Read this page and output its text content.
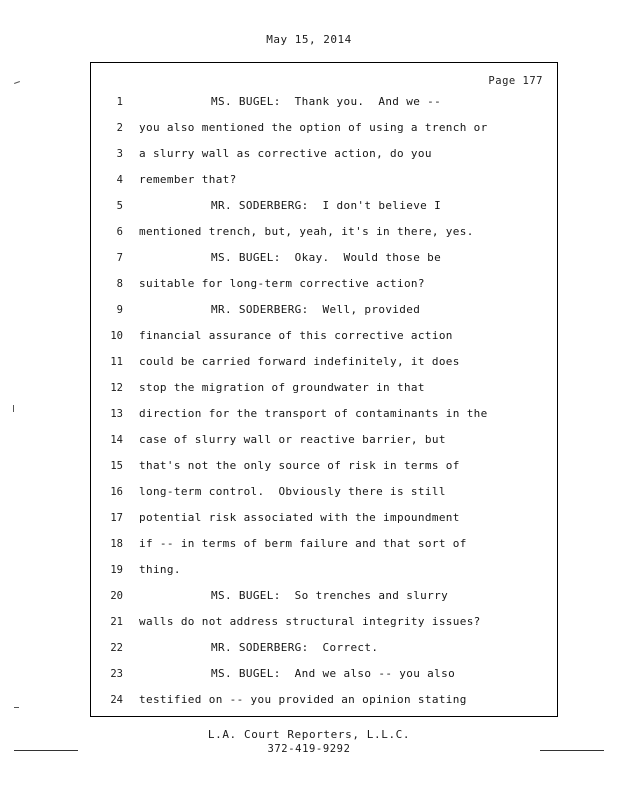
May 15, 2014
Page 177
1	MS. BUGEL:  Thank you.  And we --
2	you also mentioned the option of using a trench or
3	a slurry wall as corrective action, do you
4	remember that?
5	MR. SODERBERG:  I don't believe I
6	mentioned trench, but, yeah, it's in there, yes.
7	MS. BUGEL:  Okay.  Would those be
8	suitable for long-term corrective action?
9	MR. SODERBERG:  Well, provided
10	financial assurance of this corrective action
11	could be carried forward indefinitely, it does
12	stop the migration of groundwater in that
13	direction for the transport of contaminants in the
14	case of slurry wall or reactive barrier, but
15	that's not the only source of risk in terms of
16	long-term control.  Obviously there is still
17	potential risk associated with the impoundment
18	if -- in terms of berm failure and that sort of
19	thing.
20	MS. BUGEL:  So trenches and slurry
21	walls do not address structural integrity issues?
22	MR. SODERBERG:  Correct.
23	MS. BUGEL:  And we also -- you also
24	testified on -- you provided an opinion stating
L.A. Court Reporters, L.L.C.
372-419-9292
